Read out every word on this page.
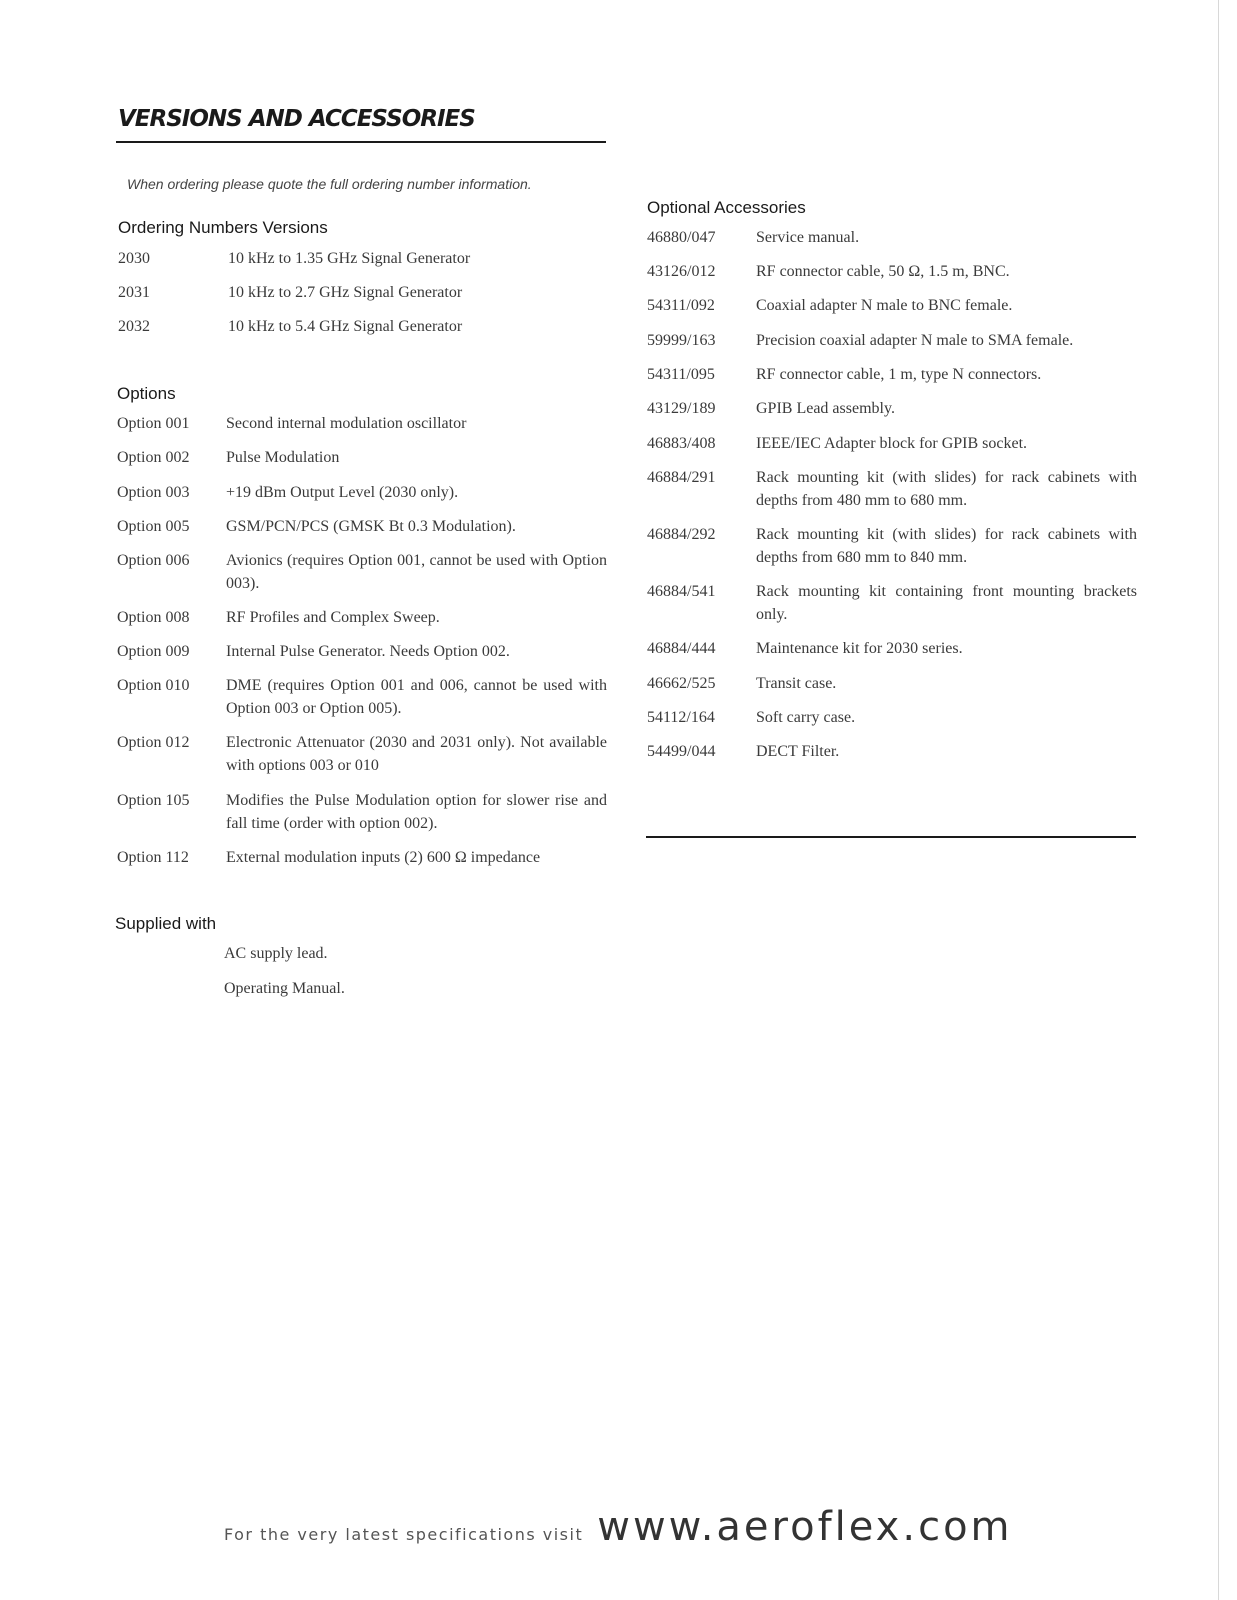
VERSIONS AND ACCESSORIES
When ordering please quote the full ordering number information.
Ordering Numbers Versions
2030	10 kHz to 1.35 GHz Signal Generator
2031	10 kHz to 2.7 GHz Signal Generator
2032	10 kHz to 5.4 GHz Signal Generator
Options
Option 001 Second internal modulation oscillator
Option 002 Pulse Modulation
Option 003 +19 dBm Output Level (2030 only).
Option 005 GSM/PCN/PCS (GMSK Bt 0.3 Modulation).
Option 006 Avionics (requires Option 001, cannot be used with Option 003).
Option 008 RF Profiles and Complex Sweep.
Option 009 Internal Pulse Generator. Needs Option 002.
Option 010 DME (requires Option 001 and 006, cannot be used with Option 003 or Option 005).
Option 012 Electronic Attenuator (2030 and 2031 only). Not available with options 003 or 010
Option 105 Modifies the Pulse Modulation option for slower rise and fall time (order with option 002).
Option 112 External modulation inputs (2) 600 Ω impedance
Supplied with
AC supply lead.
Operating Manual.
Optional Accessories
46880/047	Service manual.
43126/012	RF connector cable, 50 Ω, 1.5 m, BNC.
54311/092	Coaxial adapter N male to BNC female.
59999/163	Precision coaxial adapter N male to SMA female.
54311/095	RF connector cable, 1 m, type N connectors.
43129/189	GPIB Lead assembly.
46883/408	IEEE/IEC Adapter block for GPIB socket.
46884/291	Rack mounting kit (with slides) for rack cabinets with depths from 480 mm to 680 mm.
46884/292	Rack mounting kit (with slides) for rack cabinets with depths from 680 mm to 840 mm.
46884/541	Rack mounting kit containing front mounting brackets only.
46884/444	Maintenance kit for 2030 series.
46662/525	Transit case.
54112/164	Soft carry case.
54499/044	DECT Filter.
For the very latest specifications visit www.aeroflex.com
